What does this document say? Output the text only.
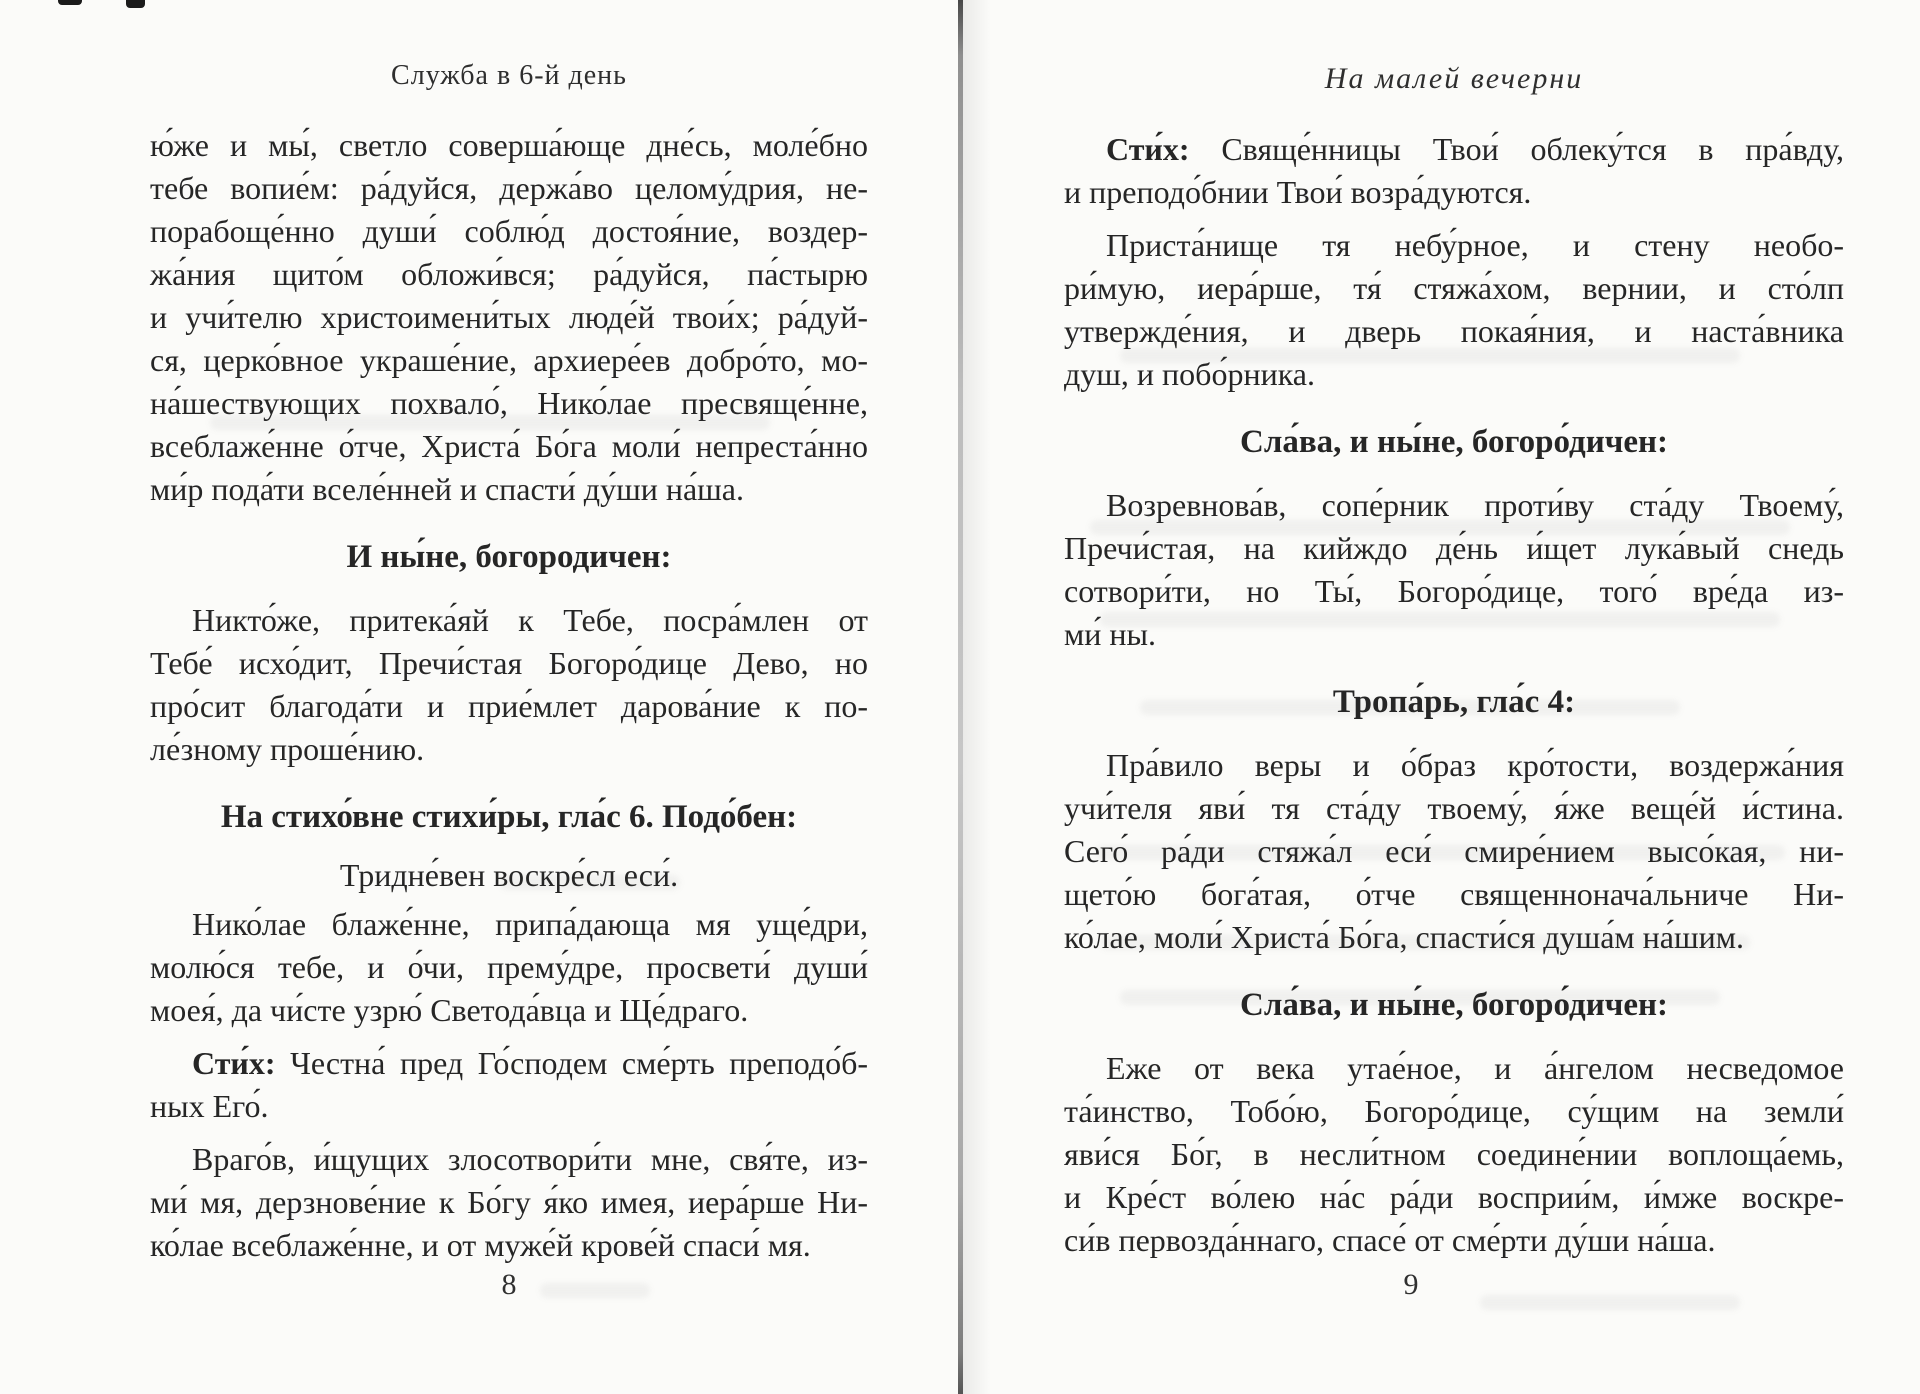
Служба в 6-й день
ю́же и мы́, светло соверша́юще дне́сь, моле́бно
тебе вопие́м: ра́дуйся, держа́во целому́дрия, не-
порабоще́нно души́ соблю́д достоя́ние, воздер-
жа́ния щито́м обложи́вся; ра́дуйся, па́стырю
и учи́телю христоимени́тых люде́й твои́х; ра́дуй-
ся, церко́вное украше́ние, архиере́ев добро́то, мо-
на́шествующих похвало́, Нико́лае пресвяще́нне,
всеблаже́нне о́тче, Христа́ Бо́га моли́ непреста́нно
ми́р пода́ти вселе́нней и спасти́ ду́ши на́ша.
И ны́не, богородичен:
Никто́же, притека́яй к Тебе, посра́млен от
Тебе́ исхо́дит, Пречи́стая Богоро́дице Дево, но
про́сит благода́ти и прие́млет дарова́ние к по-
ле́зному проше́нию.
На стихо́вне стихи́ры, гла́с 6. Подо́бен:
Тридне́вен воскре́сл еси́.
Нико́лае блаже́нне, припа́дающа мя уще́дри,
молю́ся тебе, и о́чи, прему́дре, просвети́ души́
моея́, да чи́сте узрю́ Светода́вца и Ще́драго.
Сти́х: Честна́ пред Го́сподем сме́рть преподо́б-
ных Его́.
Враго́в, и́щущих злосотвори́ти мне, свя́те, из-
ми́ мя, дерзнове́ние к Бо́гу я́ко имея, иера́рше Ни-
ко́лае всеблаже́нне, и от муже́й крове́й спаси́ мя.
8
На малей вечерни
Сти́х: Свяще́нницы Твои́ облеку́тся в пра́вду,
и преподо́бнии Твои́ возра́дуются.
Приста́нище тя небу́рное, и стену необо-
ри́мую, иера́рше, тя́ стяжа́хом, вернии, и сто́лп
утвержде́ния, и дверь покая́ния, и наста́вника
душ, и побо́рника.
Сла́ва, и ны́не, богоро́дичен:
Возревнова́в, сопе́рник проти́ву ста́ду Твоему́,
Пречи́стая, на кийждо де́нь и́щет лука́вый снедь
сотвори́ти, но Ты́, Богоро́дице, того́ вре́да из-
ми́ ны.
Тропа́рь, гла́с 4:
Пра́вило веры и о́браз кро́тости, воздержа́ния
учи́теля яви́ тя ста́ду твоему́, я́же веще́й и́стина.
Сего́ ра́ди стяжа́л еси́ смире́нием высо́кая, ни-
щето́ю бога́тая, о́тче священнонача́льниче Ни-
ко́лае, моли́ Христа́ Бо́га, спасти́ся душа́м на́шим.
Сла́ва, и ны́не, богоро́дичен:
Еже от века утае́ное, и а́нгелом несведомое
та́инство, Тобо́ю, Богоро́дице, су́щим на земли́
яви́ся Бо́г, в несли́тном соедине́нии воплоща́емь,
и Кре́ст во́лею на́с ра́ди восприи́м, и́мже воскре-
си́в первозда́ннаго, спасе́ от сме́рти ду́ши на́ша.
9
